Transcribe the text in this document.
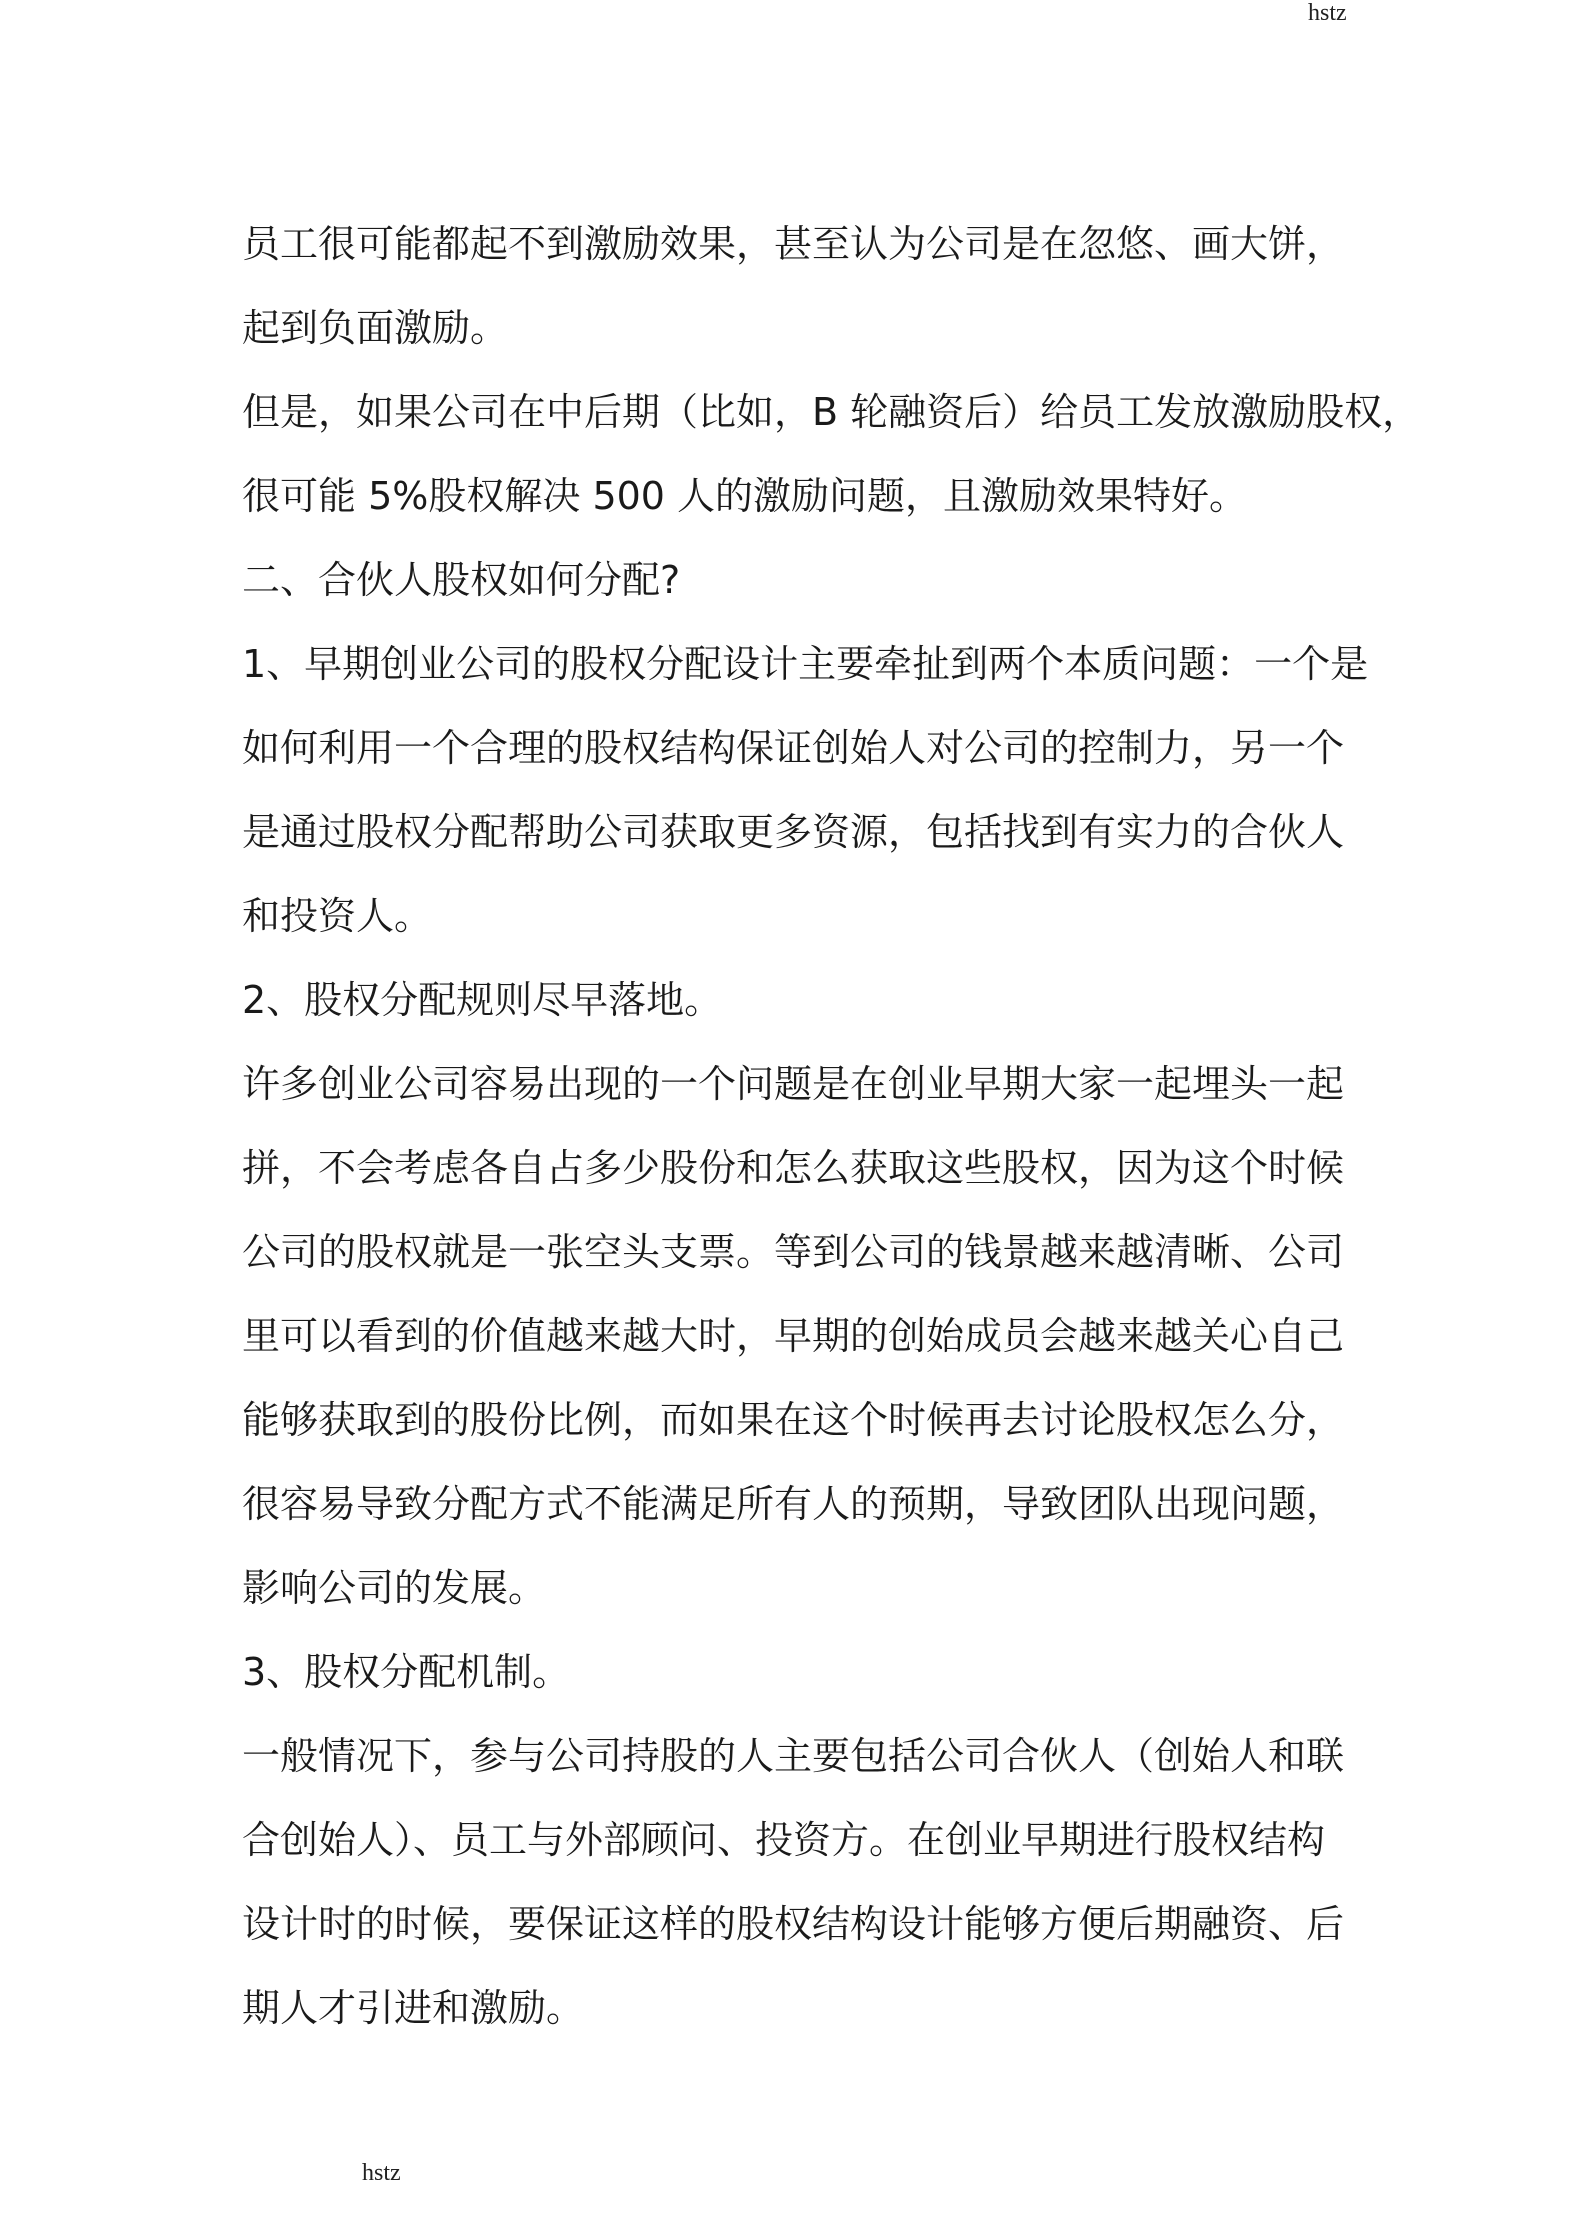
hstz
员工很可能都起不到激励效果，甚至认为公司是在忽悠、画大饼，
起到负面激励。
但是，如果公司在中后期（比如，B 轮融资后）给员工发放激励股权，
很可能 5%股权解决 500 人的激励问题，且激励效果特好。
二、合伙人股权如何分配?
1、早期创业公司的股权分配设计主要牵扯到两个本质问题：一个是
如何利用一个合理的股权结构保证创始人对公司的控制力，另一个
是通过股权分配帮助公司获取更多资源，包括找到有实力的合伙人
和投资人。
2、股权分配规则尽早落地。
许多创业公司容易出现的一个问题是在创业早期大家一起埋头一起
拼，不会考虑各自占多少股份和怎么获取这些股权，因为这个时候
公司的股权就是一张空头支票。等到公司的钱景越来越清晰、公司
里可以看到的价值越来越大时，早期的创始成员会越来越关心自己
能够获取到的股份比例，而如果在这个时候再去讨论股权怎么分，
很容易导致分配方式不能满足所有人的预期，导致团队出现问题，
影响公司的发展。
3、股权分配机制。
一般情况下，参与公司持股的人主要包括公司合伙人（创始人和联
合创始人）、员工与外部顾问、投资方。在创业早期进行股权结构
设计时的时候，要保证这样的股权结构设计能够方便后期融资、后
期人才引进和激励。
hstz
